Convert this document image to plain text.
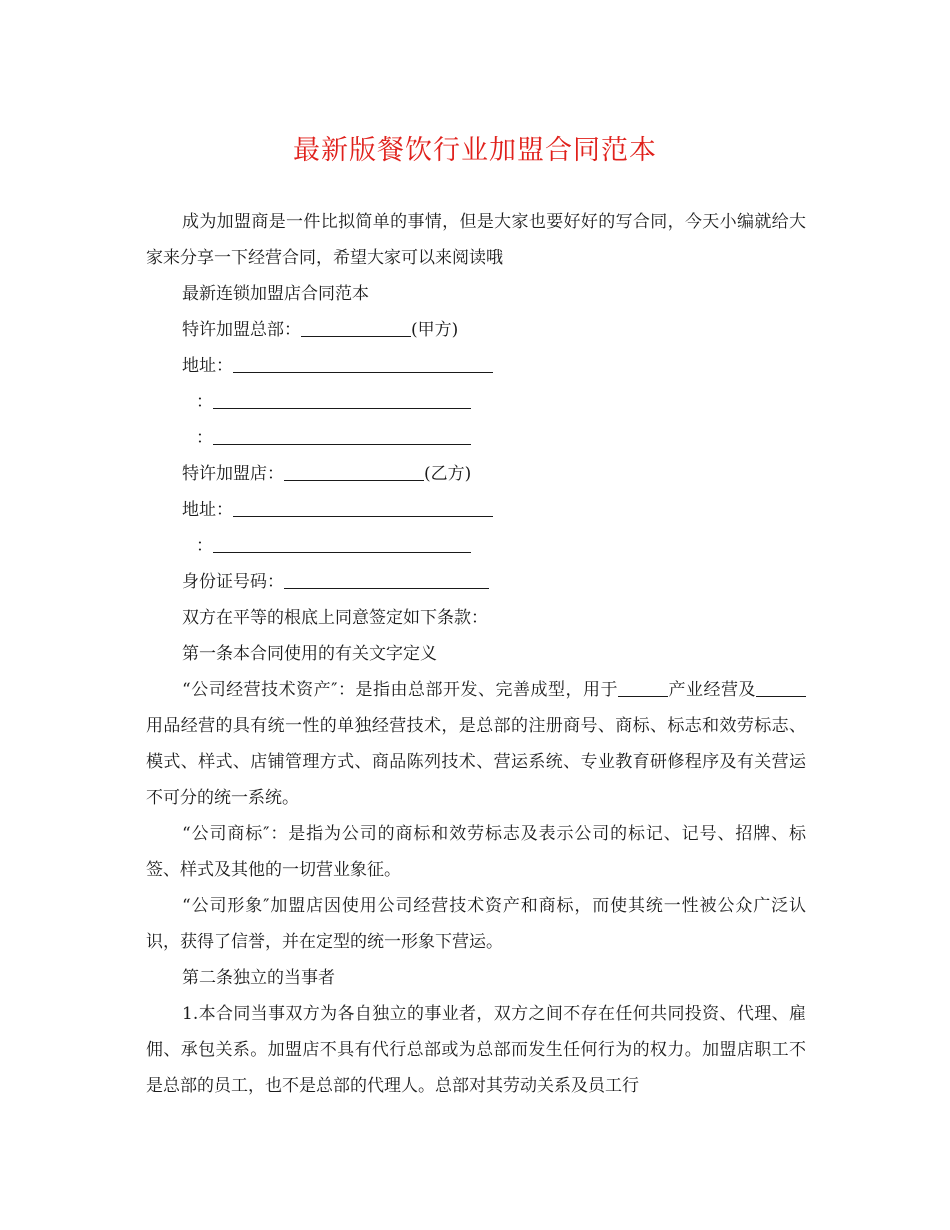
最新版餐饮行业加盟合同范本

成为加盟商是一件比拟简单的事情，但是大家也要好好的写合同，今天小编就给大家来分享一下经营合同，希望大家可以来阅读哦

最新连锁加盟店合同范本

特许加盟总部：	(甲方)

地址：

：

：

特许加盟店：	(乙方)

地址：

：

身份证号码：

双方在平等的根底上同意签定如下条款：

第一条本合同使用的有关文字定义

“公司经营技术资产″：是指由总部开发、完善成型，用于	产业经营及用品经营的具有统一性的单独经营技术，是总部的注册商号、商标、标志和效劳标志、模式、样式、店铺管理方式、商品陈列技术、营运系统、专业教育研修程序及有关营运不可分的统一系统。

“公司商标″：是指为公司的商标和效劳标志及表示公司的标记、记号、招牌、标签、样式及其他的一切营业象征。

“公司形象″加盟店因使用公司经营技术资产和商标，而使其统一性被公众广泛认识，获得了信誉，并在定型的统一形象下营运。

第二条独立的当事者

1.本合同当事双方为各自独立的事业者，双方之间不存在任何共同投资、代理、雇佣、承包关系。加盟店不具有代行总部或为总部而发生任何行为的权力。加盟店职工不是总部的员工，也不是总部的代理人。总部对其劳动关系及员工行
